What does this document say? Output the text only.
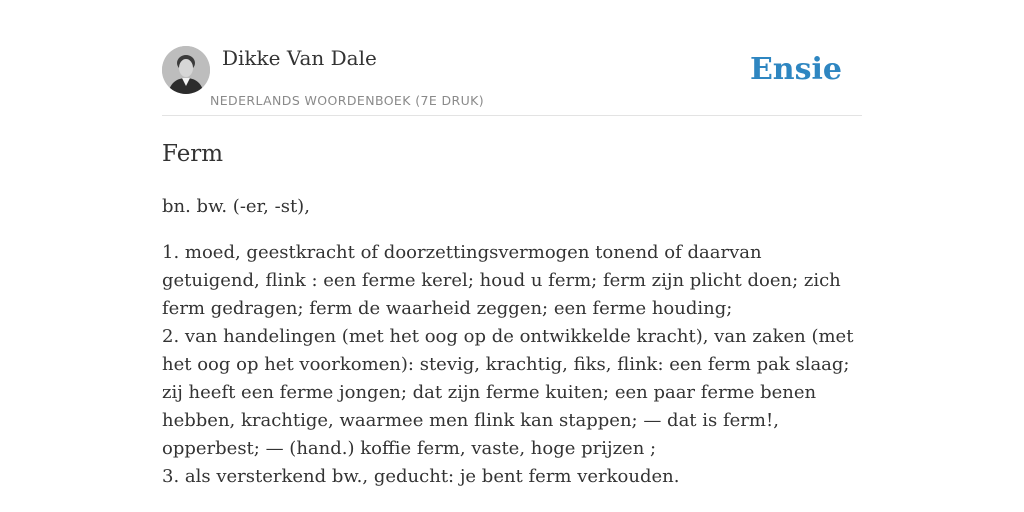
Dikke Van Dale
NEDERLANDS WOORDENBOEK (7E DRUK)
Ensie
Ferm
bn. bw. (-er, -st),

1. moed, geestkracht of doorzettingsvermogen tonend of daarvan getuigend, flink : een ferme kerel; houd u ferm; ferm zijn plicht doen; zich ferm gedragen; ferm de waarheid zeggen; een ferme houding;

2. van handelingen (met het oog op de ontwikkelde kracht), van zaken (met het oog op het voorkomen): stevig, krachtig, fiks, flink: een ferm pak slaag; zij heeft een ferme jongen; dat zijn ferme kuiten; een paar ferme benen hebben, krachtige, waarmee men flink kan stappen; — dat is ferm!, opperbest; — (hand.) koffie ferm, vaste, hoge prijzen ;

3. als versterkend bw., geducht: je bent ferm verkouden.
